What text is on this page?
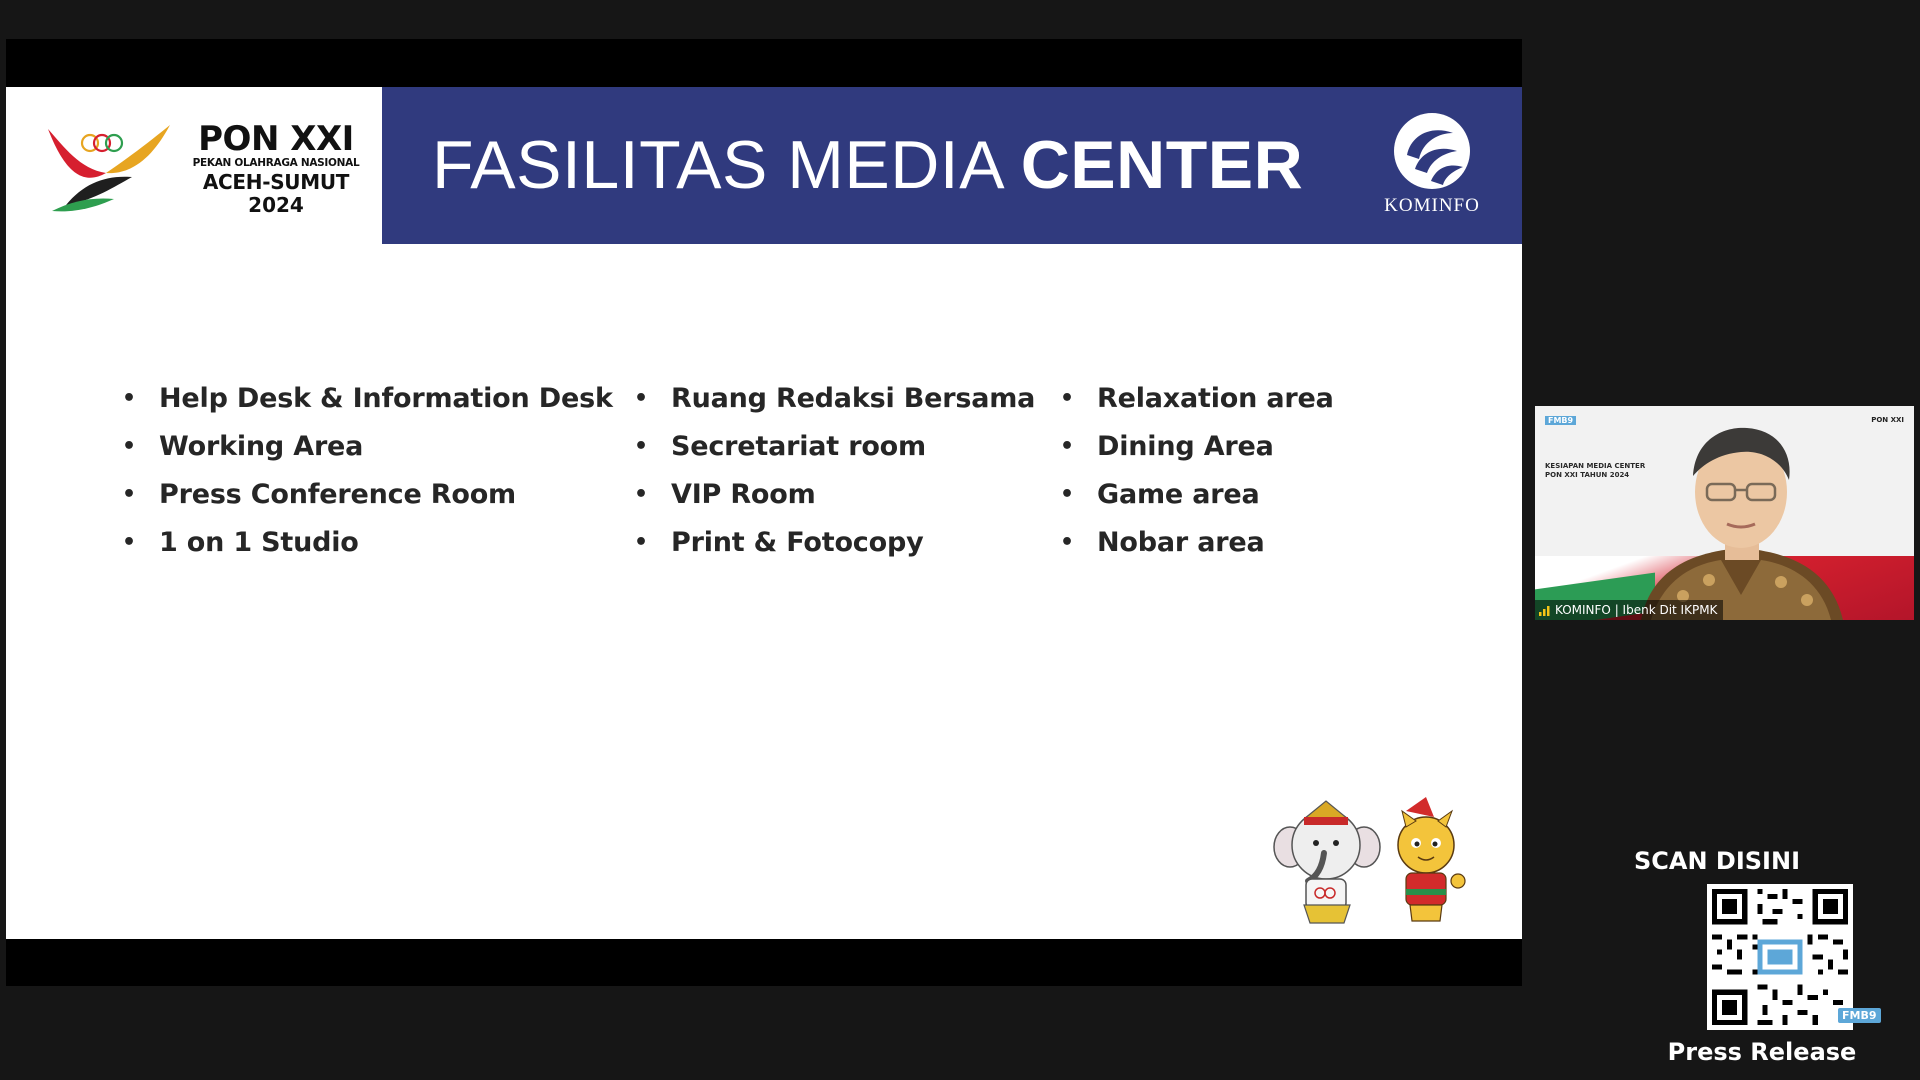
PON XXI
PEKAN OLAHRAGA NASIONAL
ACEH-SUMUT
2024
FASILITAS MEDIA CENTER
KOMINFO
• Help Desk & Information Desk
• Working Area
• Press Conference Room
• 1 on 1 Studio
• Ruang Redaksi Bersama
• Secretariat room
• VIP Room
• Print & Fotocopy
• Relaxation area
• Dining Area
• Game area
• Nobar area
FMB9
KESIAPAN MEDIA CENTER
PON XXI TAHUN 2024
PON XXI
KOMINFO | Ibenk Dit IKPMK
SCAN DISINI
FMB9
Press Release
